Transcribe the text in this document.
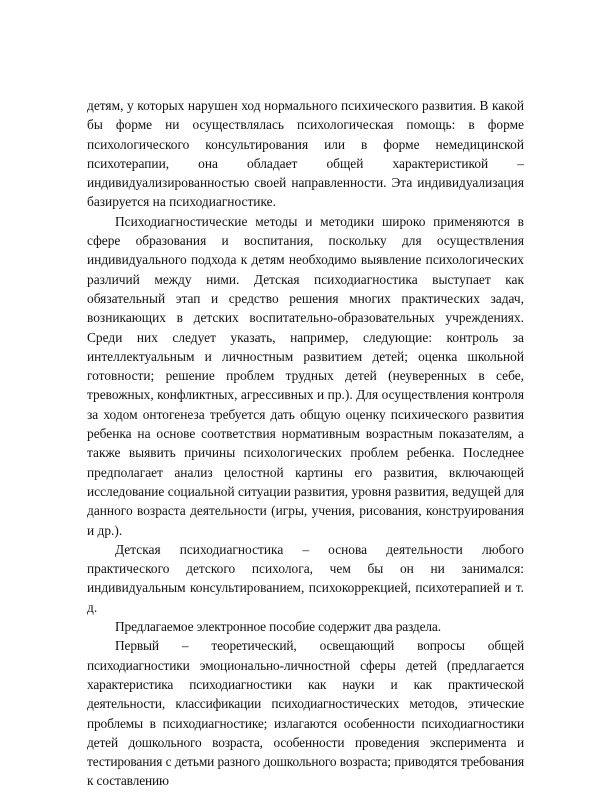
детям, у которых нарушен ход нормального психического развития. В какой бы форме ни осуществлялась психологическая помощь: в форме психологического консультирования или в форме немедицинской психотерапии, она обладает общей характеристикой – индивидуализированностью своей направленности. Эта индивидуализация базируется на психодиагностике.

Психодиагностические методы и методики широко применяются в сфере образования и воспитания, поскольку для осуществления индивидуального подхода к детям необходимо выявление психологических различий между ними. Детская психодиагностика выступает как обязательный этап и средство решения многих практических задач, возникающих в детских воспитательно-образовательных учреждениях. Среди них следует указать, например, следующие: контроль за интеллектуальным и личностным развитием детей; оценка школьной готовности; решение проблем трудных детей (неуверенных в себе, тревожных, конфликтных, агрессивных и пр.). Для осуществления контроля за ходом онтогенеза требуется дать общую оценку психического развития ребенка на основе соответствия нормативным возрастным показателям, а также выявить причины психологических проблем ребенка. Последнее предполагает анализ целостной картины его развития, включающей исследование социальной ситуации развития, уровня развития, ведущей для данного возраста деятельности (игры, учения, рисования, конструирования и др.).

Детская психодиагностика – основа деятельности любого практического детского психолога, чем бы он ни занимался: индивидуальным консультированием, психокоррекцией, психотерапией и т. д.

Предлагаемое электронное пособие содержит два раздела.

Первый – теоретический, освещающий вопросы общей психодиагностики эмоционально-личностной сферы детей (предлагается характеристика психодиагностики как науки и как практической деятельности, классификации психодиагностических методов, этические проблемы в психодиагностике; излагаются особенности психодиагностики детей дошкольного возраста, особенности проведения эксперимента и тестирования с детьми разного дошкольного возраста; приводятся требования к составлению
